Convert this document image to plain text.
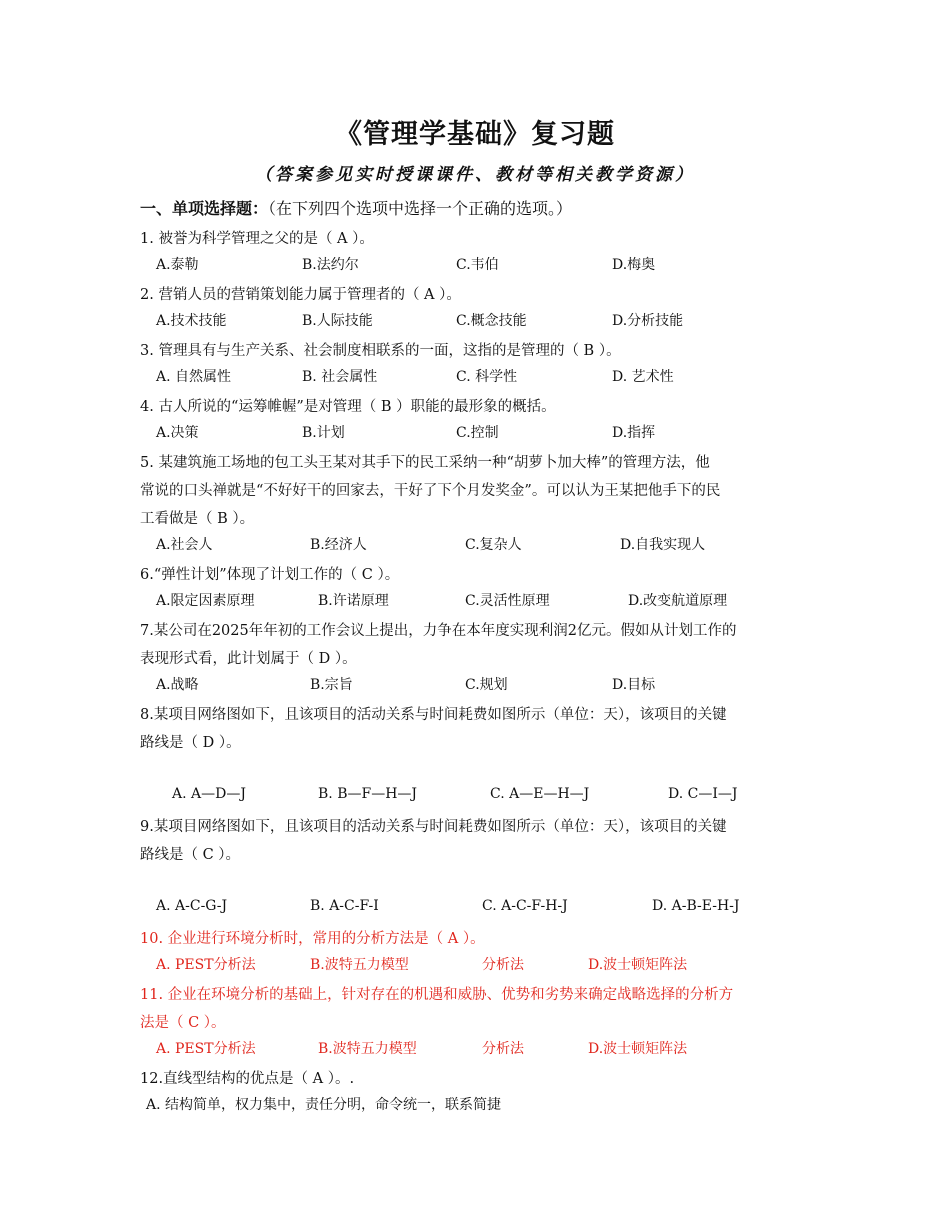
《管理学基础》复习题
（答案参见实时授课课件、教材等相关教学资源）
一、单项选择题：（在下列四个选项中选择一个正确的选项。）
1. 被誉为科学管理之父的是（ A ）。
A.泰勒	B.法约尔	C.韦伯	D.梅奥
2. 营销人员的营销策划能力属于管理者的（ A ）。
A.技术技能	B.人际技能	C.概念技能	D.分析技能
3. 管理具有与生产关系、社会制度相联系的一面，这指的是管理的（ B ）。
A. 自然属性	B. 社会属性	C. 科学性	D. 艺术性
4. 古人所说的“运筹帷幄”是对管理（ B ）职能的最形象的概括。
A.决策	B.计划	C.控制	D.指挥
5. 某建筑施工场地的包工头王某对其手下的民工采纳一种“胡萝卜加大棒”的管理方法，他
常说的口头禅就是“不好好干的回家去，干好了下个月发奖金”。可以认为王某把他手下的民
工看做是（ B ）。
A.社会人	B.经济人	C.复杂人	D.自我实现人
6.“弹性计划”体现了计划工作的（ C ）。
A.限定因素原理	B.许诺原理	C.灵活性原理	D.改变航道原理
7.某公司在2025年年初的工作会议上提出，力争在本年度实现利润2亿元。假如从计划工作的
表现形式看，此计划属于（ D ）。
A.战略	B.宗旨	C.规划	D.目标
8.某项目网络图如下，且该项目的活动关系与时间耗费如图所示（单位：天），该项目的关键
路线是（ D ）。
A. A—D—J	B. B—F—H—J	C. A—E—H—J	D. C—I—J
9.某项目网络图如下，且该项目的活动关系与时间耗费如图所示（单位：天），该项目的关键
路线是（ C ）。
A. A-C-G-J	B. A-C-F-I	C. A-C-F-H-J	D. A-B-E-H-J
10. 企业进行环境分析时，常用的分析方法是（ A ）。
A. PEST分析法	B.波特五力模型	分析法	D.波士顿矩阵法
11. 企业在环境分析的基础上，针对存在的机遇和威胁、优势和劣势来确定战略选择的分析方
法是（ C ）。
A. PEST分析法	B.波特五力模型	分析法	D.波士顿矩阵法
12.直线型结构的优点是（ A ）。.
A. 结构简单，权力集中，责任分明，命令统一，联系简捷
